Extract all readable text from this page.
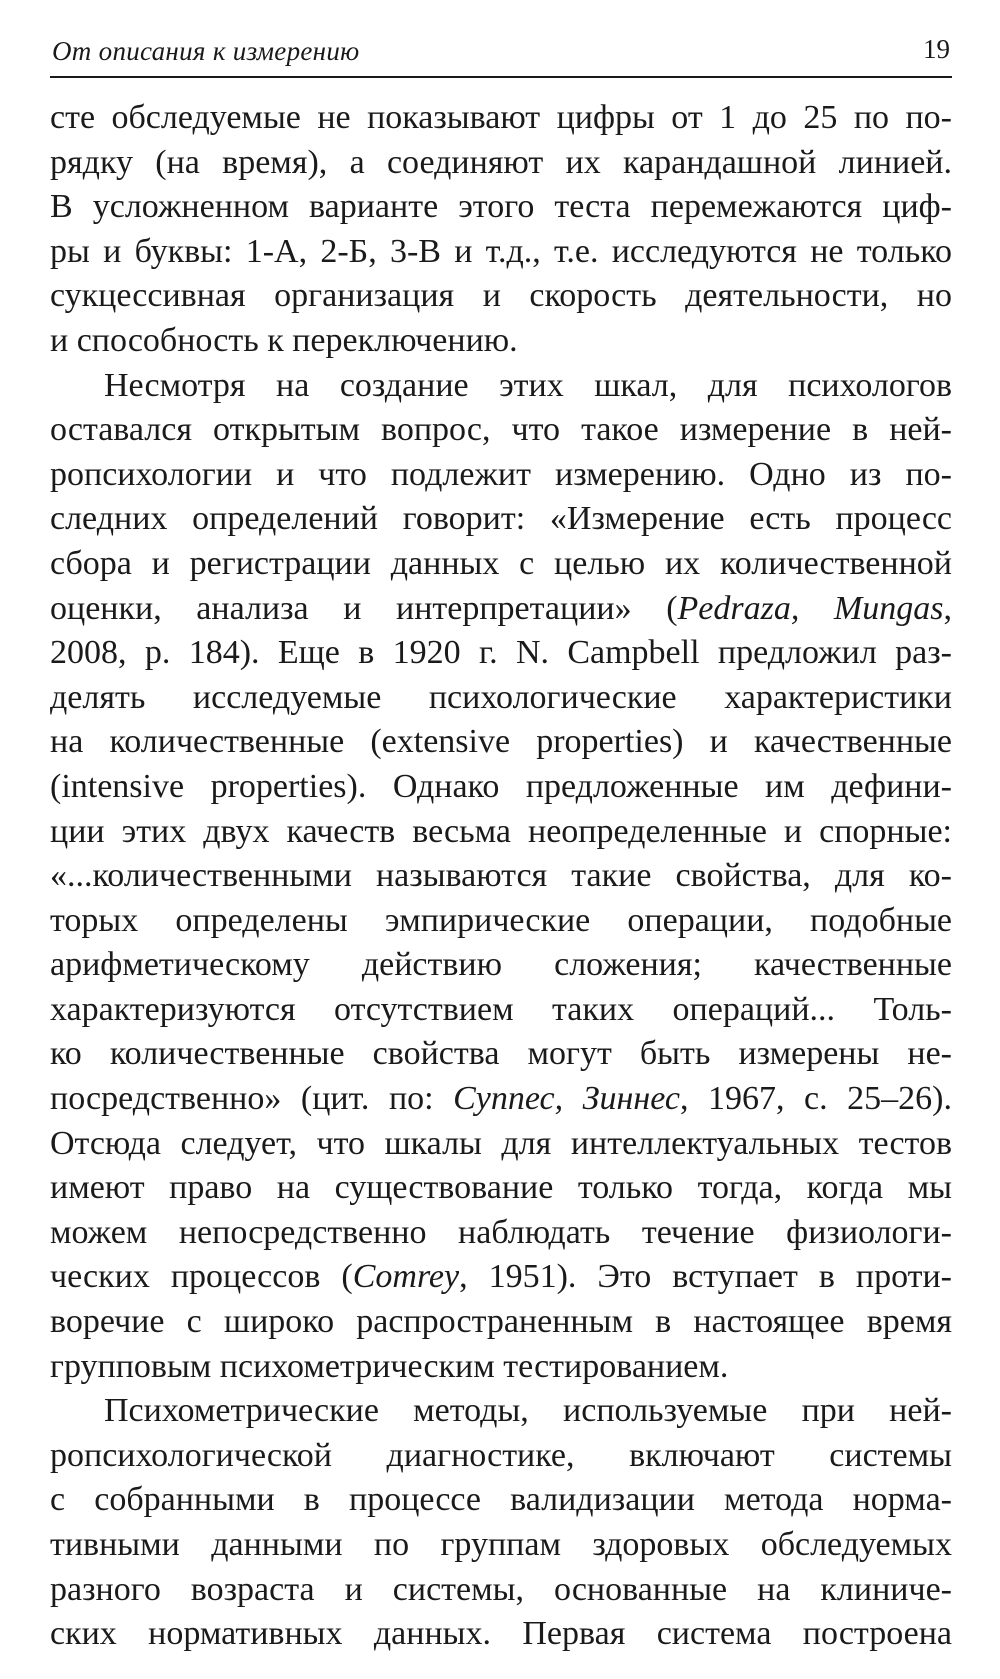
От описания к измерению	19
сте обследуемые не показывают цифры от 1 до 25 по по-
рядку (на время), а соединяют их карандашной линией.
В усложненном варианте этого теста перемежаются циф-
ры и буквы: 1-А, 2-Б, 3-В и т.д., т.е. исследуются не только
сукцессивная организация и скорость деятельности, но
и способность к переключению.
Несмотря на создание этих шкал, для психологов
оставался открытым вопрос, что такое измерение в ней-
ропсихологии и что подлежит измерению. Одно из по-
следних определений говорит: «Измерение есть процесс
сбора и регистрации данных с целью их количественной
оценки, анализа и интерпретации» (Pedraza, Mungas,
2008, p. 184). Еще в 1920 г. N. Campbell предложил раз-
делять исследуемые психологические характеристики
на количественные (extensive properties) и качественные
(intensive properties). Однако предложенные им дефини-
ции этих двух качеств весьма неопределенные и спорные:
«...количественными называются такие свойства, для ко-
торых определены эмпирические операции, подобные
арифметическому действию сложения; качественные
характеризуются отсутствием таких операций... Толь-
ко количественные свойства могут быть измерены не-
посредственно» (цит. по: Суппес, Зиннес, 1967, с. 25–26).
Отсюда следует, что шкалы для интеллектуальных тестов
имеют право на существование только тогда, когда мы
можем непосредственно наблюдать течение физиологи-
ческих процессов (Comrey, 1951). Это вступает в проти-
воречие с широко распространенным в настоящее время
групповым психометрическим тестированием.
Психометрические методы, используемые при ней-
ропсихологической диагностике, включают системы
с собранными в процессе валидизации метода норма-
тивными данными по группам здоровых обследуемых
разного возраста и системы, основанные на клиниче-
ских нормативных данных. Первая система построена
